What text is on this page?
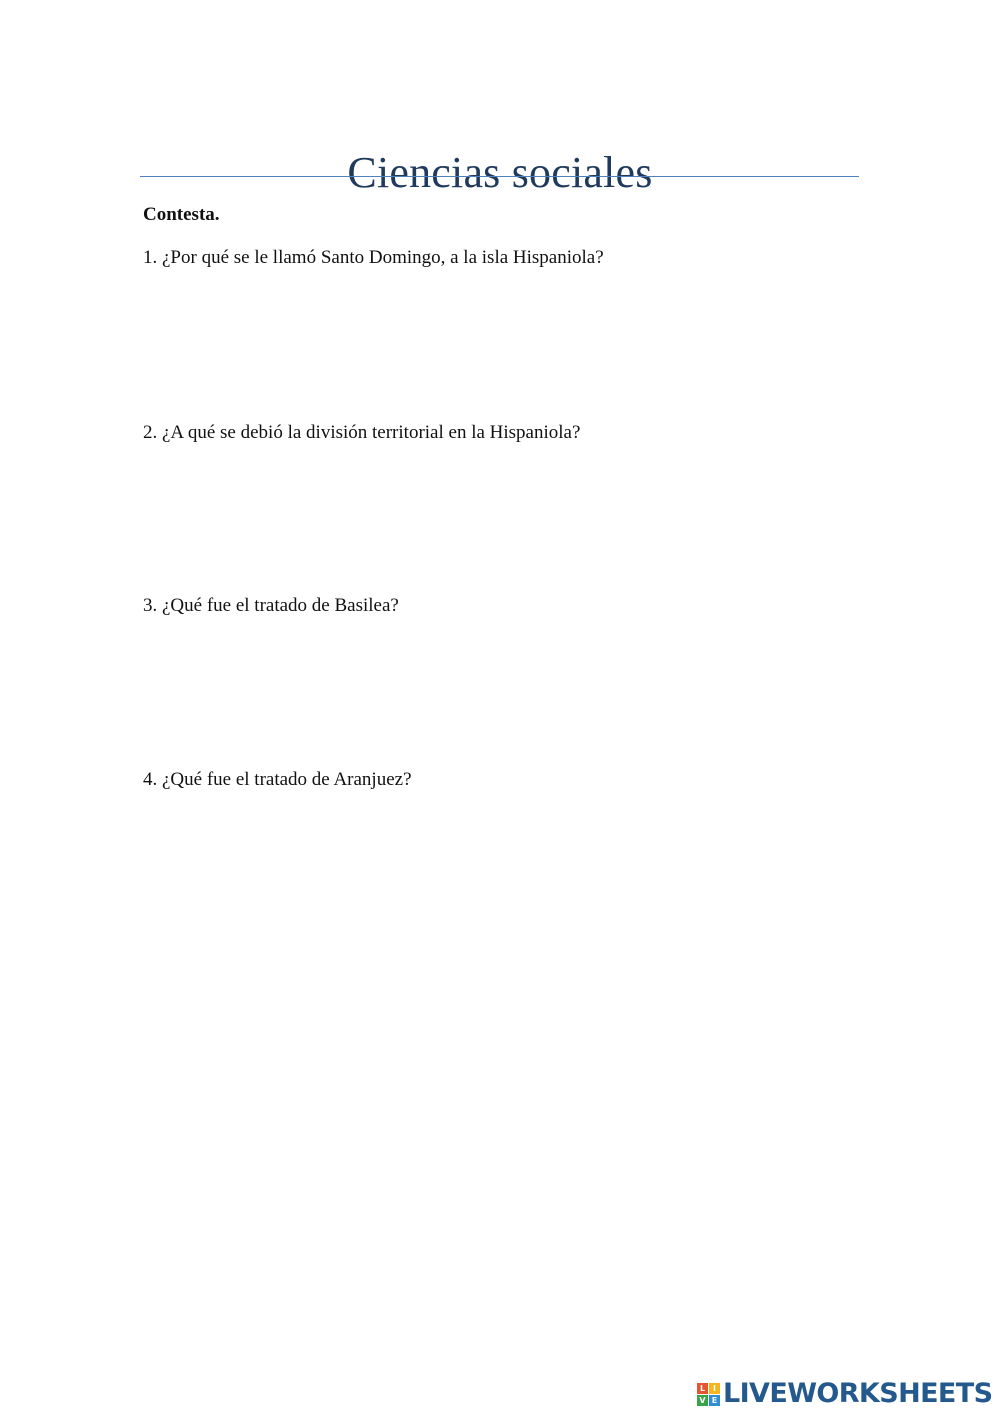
Ciencias sociales
Contesta.
1. ¿Por qué se le llamó Santo Domingo, a la isla Hispaniola?
2. ¿A qué se debió la división territorial en la Hispaniola?
3. ¿Qué fue el tratado de Basilea?
4. ¿Qué fue el tratado de Aranjuez?
L I
V E LIVEWORKSHEETS
